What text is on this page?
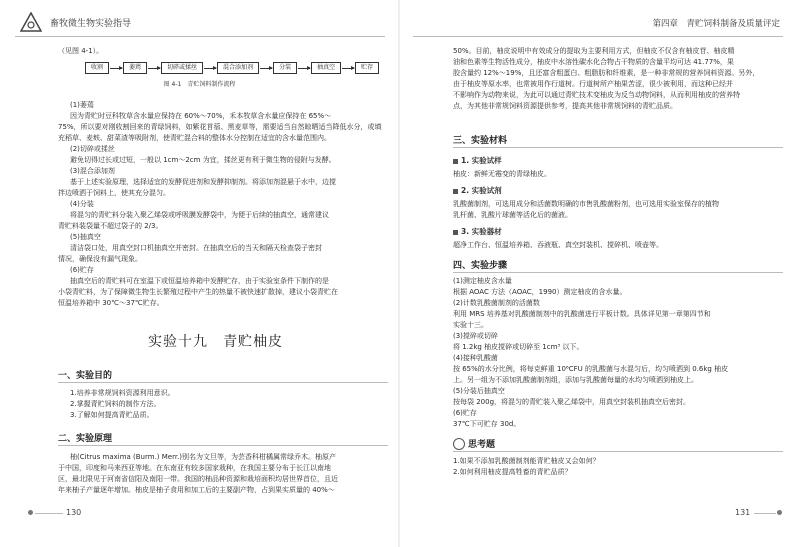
畜牧微生物实验指导	第四章　青贮饲料制备及质量评定
（见图 4-1）。
收割	萎蔫	切碎或揉丝	混合添加剂	分装	抽真空	贮存
图 4-1　青贮饲料制作流程
(1)萎蔫
因为青贮时豆科牧草含水量应保持在 60%～70%，禾本牧草含水量应保持在 65%～
75%，所以要对刚收割回来的青绿饲料，如紫花苜蓿、黑麦草等，需要适当自然晾晒适当降低水分，或填
充稻草、麦麸、甜菜渣等吸附剂，使青贮混合料的整体水分控制在适宜的含水量范围内。
(2)切碎或揉丝
避免切得过长或过短，一般以 1cm～2cm 为宜，揉丝更有利于微生物的侵附与发酵。
(3)混合添加剂
基于上述实验原理，选择适宜的发酵促进剂和发酵抑制剂。将添加剂混悬于水中，边搅
拌边喷洒于饲料上，使其充分混匀。
(4)分装
将混匀的青贮料分装入聚乙烯袋或呼吸膜发酵袋中，为便于后续的抽真空，通常建议
青贮料装袋量不超过袋子的 2/3。
(5)抽真空
清洁袋口处，用真空封口机抽真空并密封。在抽真空后的当天和隔天检查袋子密封
情况，确保没有漏气现象。
(6)贮存
抽真空后的青贮料可在室温下或恒温培养箱中发酵贮存，由于实验室条件下制作的是
小袋青贮料，为了保障微生物生长繁殖过程中产生的热量不被快速扩散掉，建议小袋青贮在
恒温培养箱中 30℃～37℃贮存。
实验十九　青贮柚皮
一、实验目的
1.培养非常规饲料资源利用意识。
2.掌握青贮饲料的制作方法。
3.了解如何提高青贮品质。
二、实验原理
柚(Citrus maxima (Burm.) Merr.)别名为文旦等，为芸香科柑橘属常绿乔木。柚原产
于中国，印度和马来西亚等地。在东南亚有较多国家栽种，在我国主要分布于长江以南地
区，最北限见于河南省信阳及南阳一带。我国的柚品种资源和栽培面积均居世界首位，且近
年来柚子产量逐年增加。柚皮是柚子食用和加工后的主要副产物，占到果实质量的 40%～
130
50%。目前，柚皮说明中有效成分的提取为主要利用方式，但柚皮不仅含有柚皮苷、柚皮精
油和色素等生物活性成分，柚皮中水溶性碳水化合物占干物质的含量平均可达 41.77%，果
胶含量约 12%～19%，且还富含粗蛋白、粗脂肪和纤维素，是一种非常规的营养饲料资源。另外，
由于柚皮等原水率，也常被用作行道树。行道树所产柚果苦涩，很少被利用，而这种已经并
不影响作为动物来说，为此可以通过青贮技术变柚皮为反刍动物饲料，从而利用柚皮的营养特
点，为其他非常规饲料资源提供参考，提高其他非常规饲料的青贮品质。
三、实验材料
1. 实验试样
柚皮：新鲜无霉变的青绿柚皮。
2. 实验试剂
乳酸菌制剂，可选用成分和活菌数明确的市售乳酸菌粉剂，也可选用实验室保存的植物
乳杆菌、乳酸片球菌等活化后的菌液。
3. 实验器材
超净工作台、恒温培养箱、吞液瓶、真空封装机、搅碎机、喷壶等。
四、实验步骤
(1)测定柚皮含水量
根据 AOAC 方法（AOAC，1990）测定柚皮的含水量。
(2)计数乳酸菌制剂的活菌数
利用 MRS 培养基对乳酸菌制剂中的乳酸菌进行平板计数。具体详见第一章第四节和
实验十三。
(3)搅碎或切碎
将 1.2kg 柚皮搅碎或切碎至 1cm³ 以下。
(4)接种乳酸菌
按 65%的水分比例，将每克鲜重 10⁶CFU 的乳酸菌与水混匀后，均匀喷洒到 0.6kg 柚皮
上。另一组为不添加乳酸菌制剂组，添加与乳酸菌每量的水均匀喷洒到柚皮上。
(5)分装后抽真空
按每袋 200g，将混匀的青贮装入聚乙烯袋中，用真空封装机抽真空后密封。
(6)贮存
37℃下可贮存 30d。
思考题
1.如果不添加乳酸菌制剂能青贮柚皮又会如何？
2.如何利用柚皮提高牲畜的青贮品质？
131
